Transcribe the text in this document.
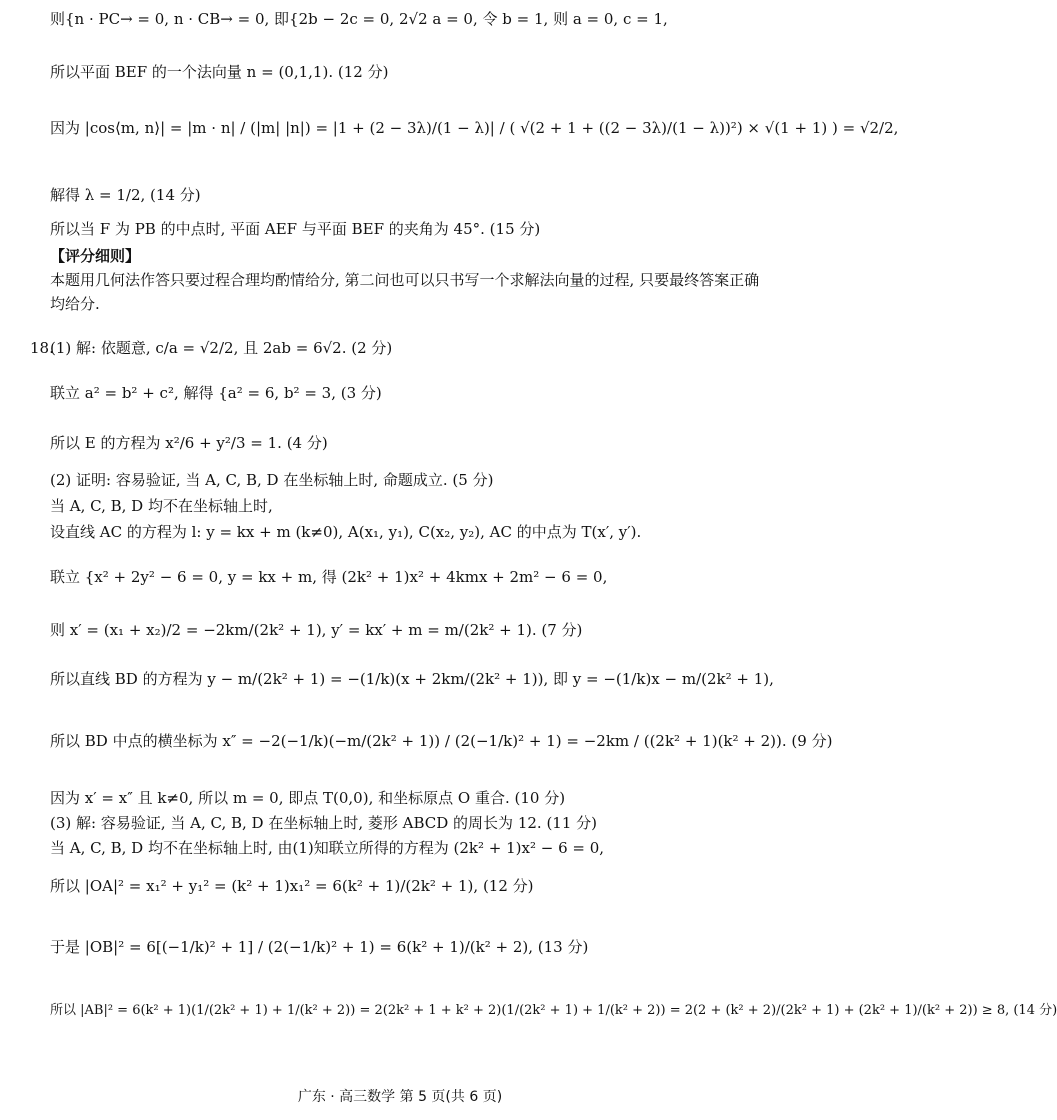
则{n · PC→ = 0, n · CB→ = 0, 即{2b − 2c = 0, 2√2 a = 0, 令 b = 1, 则 a = 0, c = 1,
所以平面 BEF 的一个法向量 n = (0,1,1). (12 分)
因为 |cos⟨m, n⟩| = |m · n| / (|m| |n|) = |1 + (2 − 3λ)/(1 − λ)| / ( √(2 + 1 + ((2 − 3λ)/(1 − λ))²) × √(1 + 1) ) = √2/2,
解得 λ = 1/2, (14 分)
所以当 F 为 PB 的中点时, 平面 AEF 与平面 BEF 的夹角为 45°. (15 分)
【评分细则】
本题用几何法作答只要过程合理均酌情给分, 第二问也可以只书写一个求解法向量的过程, 只要最终答案正确均给分.
18.
(1) 解: 依题意, c/a = √2/2, 且 2ab = 6√2. (2 分)
联立 a² = b² + c², 解得 {a² = 6, b² = 3, (3 分)
所以 E 的方程为 x²/6 + y²/3 = 1. (4 分)
(2) 证明: 容易验证, 当 A, C, B, D 在坐标轴上时, 命题成立. (5 分)
当 A, C, B, D 均不在坐标轴上时,
设直线 AC 的方程为 l: y = kx + m (k≠0), A(x₁, y₁), C(x₂, y₂), AC 的中点为 T(x′, y′).
联立 {x² + 2y² − 6 = 0, y = kx + m, 得 (2k² + 1)x² + 4kmx + 2m² − 6 = 0,
则 x′ = (x₁ + x₂)/2 = −2km/(2k² + 1), y′ = kx′ + m = m/(2k² + 1). (7 分)
所以直线 BD 的方程为 y − m/(2k² + 1) = −(1/k)(x + 2km/(2k² + 1)), 即 y = −(1/k)x − m/(2k² + 1),
所以 BD 中点的横坐标为 x″ = −2(−1/k)(−m/(2k² + 1)) / (2(−1/k)² + 1) = −2km / ((2k² + 1)(k² + 2)). (9 分)
因为 x′ = x″ 且 k≠0, 所以 m = 0, 即点 T(0,0), 和坐标原点 O 重合. (10 分)
(3) 解: 容易验证, 当 A, C, B, D 在坐标轴上时, 菱形 ABCD 的周长为 12. (11 分)
当 A, C, B, D 均不在坐标轴上时, 由(1)知联立所得的方程为 (2k² + 1)x² − 6 = 0,
所以 |OA|² = x₁² + y₁² = (k² + 1)x₁² = 6(k² + 1)/(2k² + 1), (12 分)
于是 |OB|² = 6[(−1/k)² + 1] / (2(−1/k)² + 1) = 6(k² + 1)/(k² + 2), (13 分)
所以 |AB|² = 6(k² + 1)(1/(2k² + 1) + 1/(k² + 2)) = 2(2k² + 1 + k² + 2)(1/(2k² + 1) + 1/(k² + 2)) = 2(2 + (k² + 2)/(2k² + 1) + (2k² + 1)/(k² + 2)) ≥ 8, (14 分)
广东 · 高三数学 第 5 页(共 6 页)
